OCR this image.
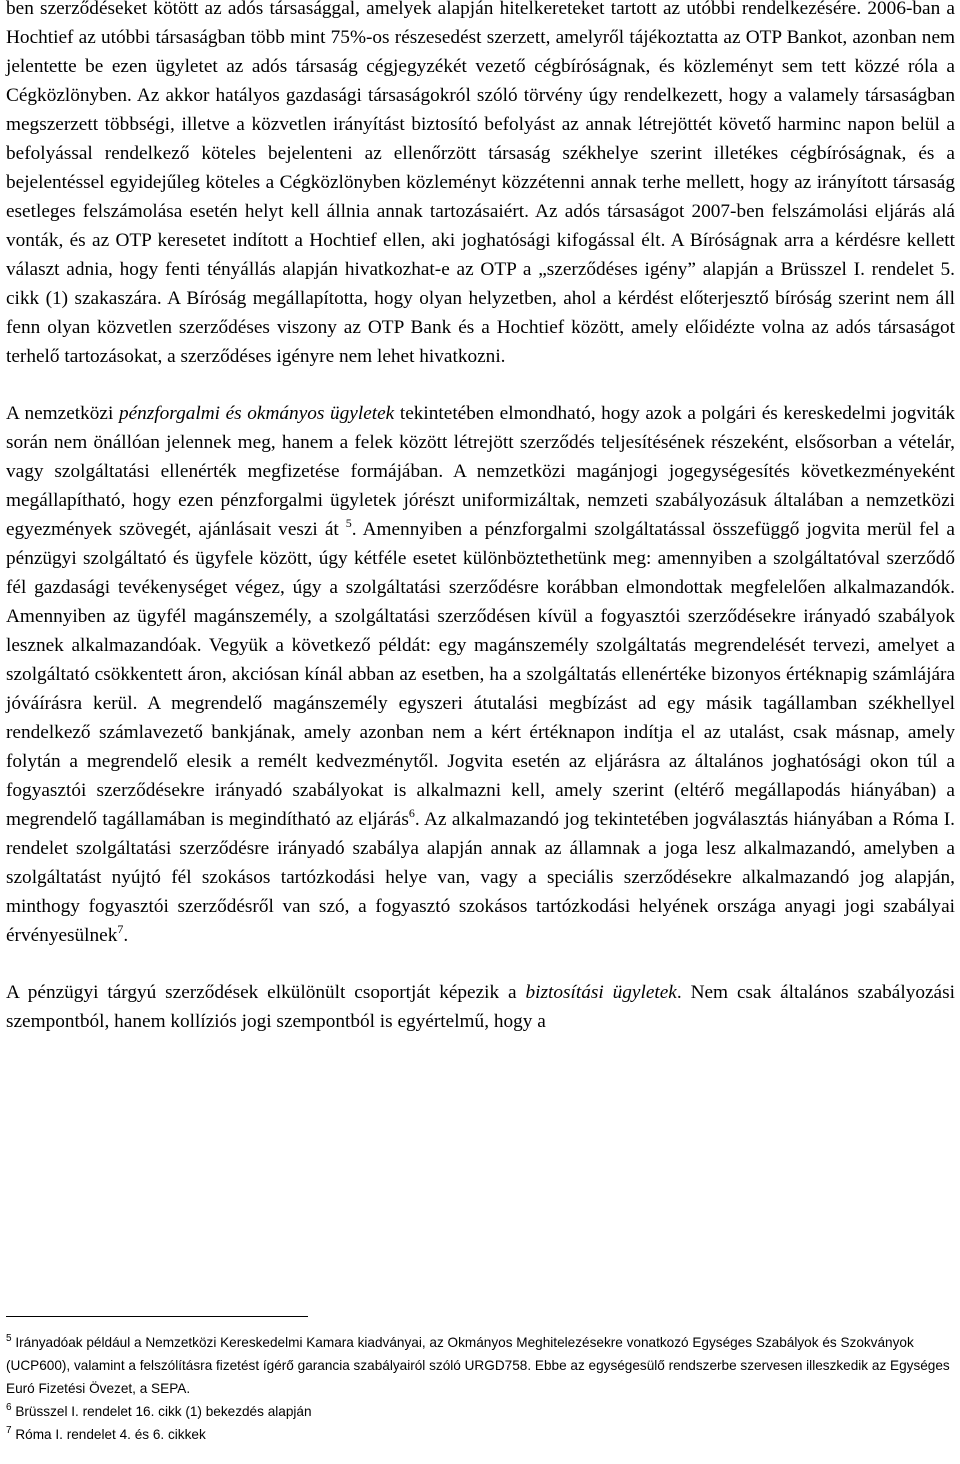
ben szerződéseket kötött az adós társasággal, amelyek alapján hitelkereteket tartott az utóbbi rendelkezésére. 2006-ban a Hochtief az utóbbi társaságban több mint 75%-os részesedést szerzett, amelyről tájékoztatta az OTP Bankot, azonban nem jelentette be ezen ügyletet az adós társaság cégjegyzékét vezető cégbíróságnak, és közleményt sem tett közzé róla a Cégközlönyben. Az akkor hatályos gazdasági társaságokról szóló törvény úgy rendelkezett, hogy a valamely társaságban megszerzett többségi, illetve a közvetlen irányítást biztosító befolyást az annak létrejöttét követő harminc napon belül a befolyással rendelkező köteles bejelenteni az ellenőrzött társaság székhelye szerint illetékes cégbíróságnak, és a bejelentéssel egyidejűleg köteles a Cégközlönyben közleményt közzétenni annak terhe mellett, hogy az irányított társaság esetleges felszámolása esetén helyt kell állnia annak tartozásaiért. Az adós társaságot 2007-ben felszámolási eljárás alá vonták, és az OTP keresetet indított a Hochtief ellen, aki joghatósági kifogással élt. A Bíróságnak arra a kérdésre kellett választ adnia, hogy fenti tényállás alapján hivatkozhat-e az OTP a „szerződéses igény” alapján a Brüsszel I. rendelet 5. cikk (1) szakaszára. A Bíróság megállapította, hogy olyan helyzetben, ahol a kérdést előterjesztő bíróság szerint nem áll fenn olyan közvetlen szerződéses viszony az OTP Bank és a Hochtief között, amely előidézte volna az adós társaságot terhelő tartozásokat, a szerződéses igényre nem lehet hivatkozni.

A nemzetközi pénzforgalmi és okmányos ügyletek tekintetében elmondható, hogy azok a polgári és kereskedelmi jogviták során nem önállóan jelennek meg, hanem a felek között létrejött szerződés teljesítésének részeként, elsősorban a vételár, vagy szolgáltatási ellenérték megfizetése formájában. A nemzetközi magánjogi jogegységesítés következményeként megállapítható, hogy ezen pénzforgalmi ügyletek jórészt uniformizáltak, nemzeti szabályozásuk általában a nemzetközi egyezmények szövegét, ajánlásait veszi át $^5$. Amennyiben a pénzforgalmi szolgáltatással összefüggő jogvita merül fel a pénzügyi szolgáltató és ügyfele között, úgy kétféle esetet különböztethetünk meg: amennyiben a szolgáltatóval szerződő fél gazdasági tevékenységet végez, úgy a szolgáltatási szerződésre korábban elmondottak megfelelően alkalmazandók. Amennyiben az ügyfél magánszemély, a szolgáltatási szerződésen kívül a fogyasztói szerződésekre irányadó szabályok lesznek alkalmazandóak. Vegyük a következő példát: egy magánszemély szolgáltatás megrendelését tervezi, amelyet a szolgáltató csökkentett áron, akciósan kínál abban az esetben, ha a szolgáltatás ellenértéke bizonyos értéknapig számlájára jóváírásra kerül. A megrendelő magánszemély egyszeri átutalási megbízást ad egy másik tagállamban székhellyel rendelkező számlavezető bankjának, amely azonban nem a kért értéknapon indítja el az utalást, csak másnap, amely folytán a megrendelő elesik a remélt kedvezménytől. Jogvita esetén az eljárásra az általános joghatósági okon túl a fogyasztói szerződésekre irányadó szabályokat is alkalmazni kell, amely szerint (eltérő megállapodás hiányában) a megrendelő tagállamában is megindítható az eljárás$^6$. Az alkalmazandó jog tekintetében jogválasztás hiányában a Róma I. rendelet szolgáltatási szerződésre irányadó szabálya alapján annak az államnak a joga lesz alkalmazandó, amelyben a szolgáltatást nyújtó fél szokásos tartózkodási helye van, vagy a speciális szerződésekre alkalmazandó jog alapján, minthogy fogyasztói szerződésről van szó, a fogyasztó szokásos tartózkodási helyének országa anyagi jogi szabályai érvényesülnek$^7$.

A pénzügyi tárgyú szerződések elkülönült csoportját képezik a biztosítási ügyletek. Nem csak általános szabályozási szempontból, hanem kollíziós jogi szempontból is egyértelmű, hogy a

$^5$ Irányadóak például a Nemzetközi Kereskedelmi Kamara kiadványai, az Okmányos Meghitelezésekre vonatkozó Egységes Szabályok és Szokványok (UCP600), valamint a felszólításra fizetést ígérő garancia szabályairól szóló URGD758. Ebbe az egységesülő rendszerbe szervesen illeszkedik az Egységes Euró Fizetési Övezet, a SEPA.

$^6$ Brüsszel I. rendelet 16. cikk (1) bekezdés alapján

$^7$ Róma I. rendelet 4. és 6. cikkek
